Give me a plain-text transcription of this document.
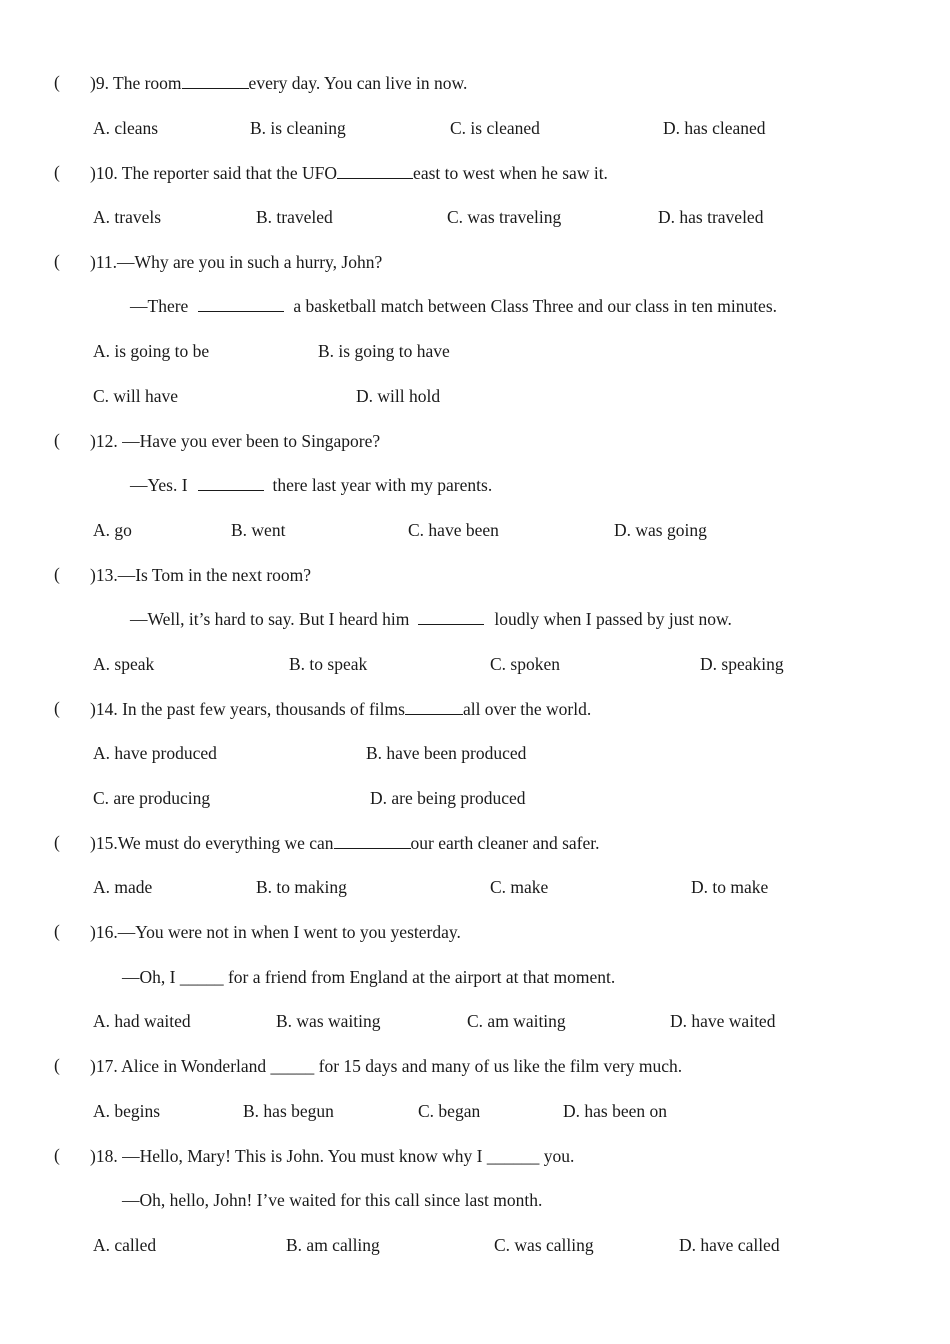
( )9. The room	every day. You can live in now.
A. cleans	B. is cleaning	C. is cleaned	D. has cleaned
( )10. The reporter said that the UFO	east to west when he saw it.
A. travels	B. traveled	C. was traveling	D. has traveled
( )11.—Why are you in such a hurry, John?
—There	a basketball match between Class Three and our class in ten minutes.
A. is going to be	B. is going to have
C. will have	D. will hold
( )12. —Have you ever been to Singapore?
—Yes. I	there last year with my parents.
A. go	B. went	C. have been	D. was going
( )13.—Is Tom in the next room?
—Well, it’s hard to say. But I heard him	loudly when I passed by just now.
A. speak	B. to speak	C. spoken	D. speaking
( )14. In the past few years, thousands of films	all over the world.
A. have produced	B. have been produced
C. are producing	D. are being produced
( )15.We must do everything we can	our earth cleaner and safer.
A. made	B. to making	C. make	D. to make
( )16.—You were not in when I went to you yesterday.
—Oh, I _____ for a friend from England at the airport at that moment.
A. had waited	B. was waiting	C. am waiting	D. have waited
( )17. Alice in Wonderland _____ for 15 days and many of us like the film very much.
A. begins	B. has begun	C. began	D. has been on
( )18. —Hello, Mary! This is John. You must know why I ______ you.
—Oh, hello, John! I’ve waited for this call since last month.
A. called	B. am calling	C. was calling	D. have called
